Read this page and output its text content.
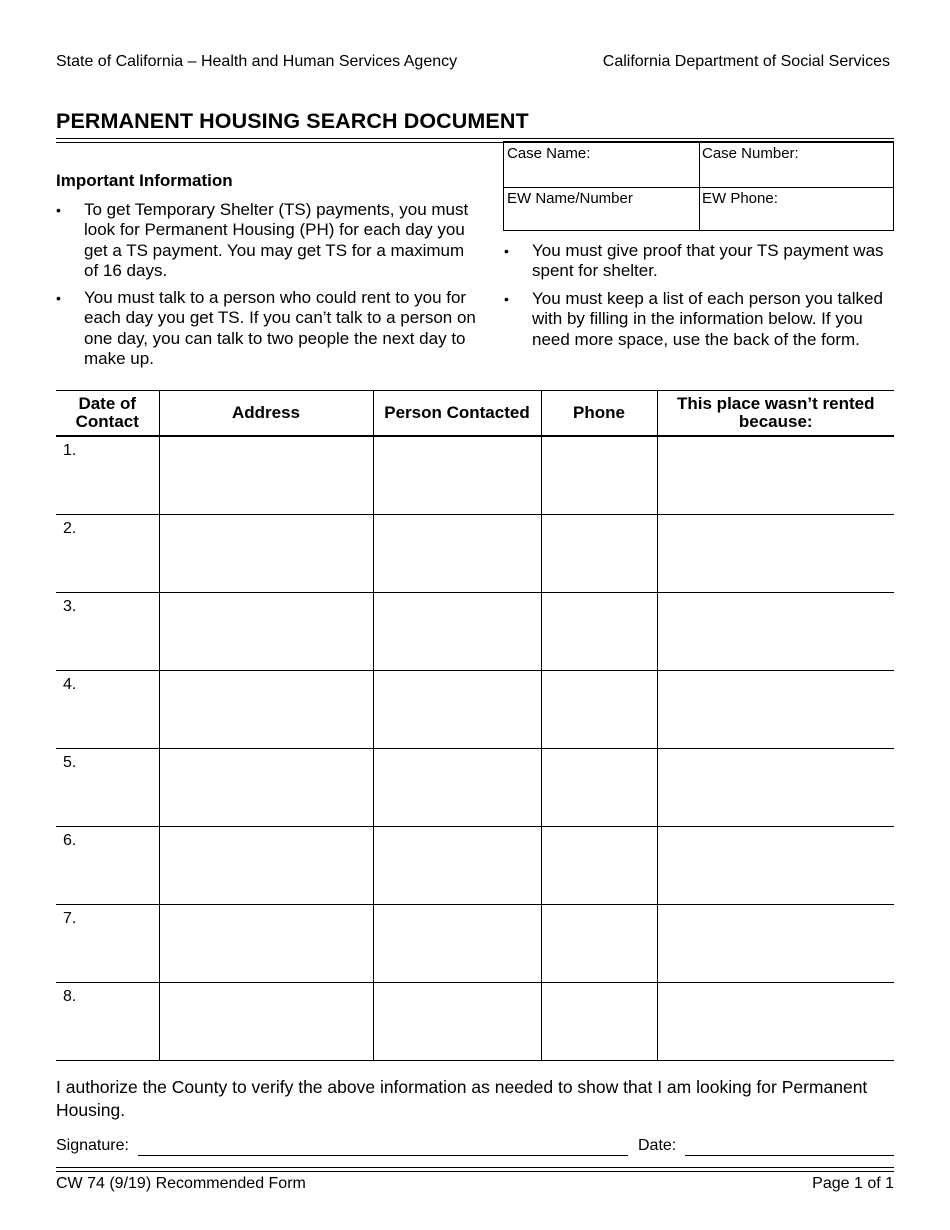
State of California – Health and Human Services Agency	California Department of Social Services
PERMANENT HOUSING SEARCH DOCUMENT
Case Name:	Case Number:
EW Name/Number	EW Phone:
Important Information
• To get Temporary Shelter (TS) payments, you must look for Permanent Housing (PH) for each day you get a TS payment. You may get TS for a maximum of 16 days.
• You must talk to a person who could rent to you for each day you get TS. If you can’t talk to a person on one day, you can talk to two people the next day to make up.
• You must give proof that your TS payment was spent for shelter.
• You must keep a list of each person you talked with by filling in the information below. If you need more space, use the back of the form.
Date of Contact	Address	Person Contacted	Phone	This place wasn’t rented because:

1.				

2.				

3.				

4.				

5.				

6.				

7.				

8.				

I authorize the County to verify the above information as needed to show that I am looking for Permanent Housing.
Signature:	Date:
CW 74 (9/19) Recommended Form	Page 1 of 1
